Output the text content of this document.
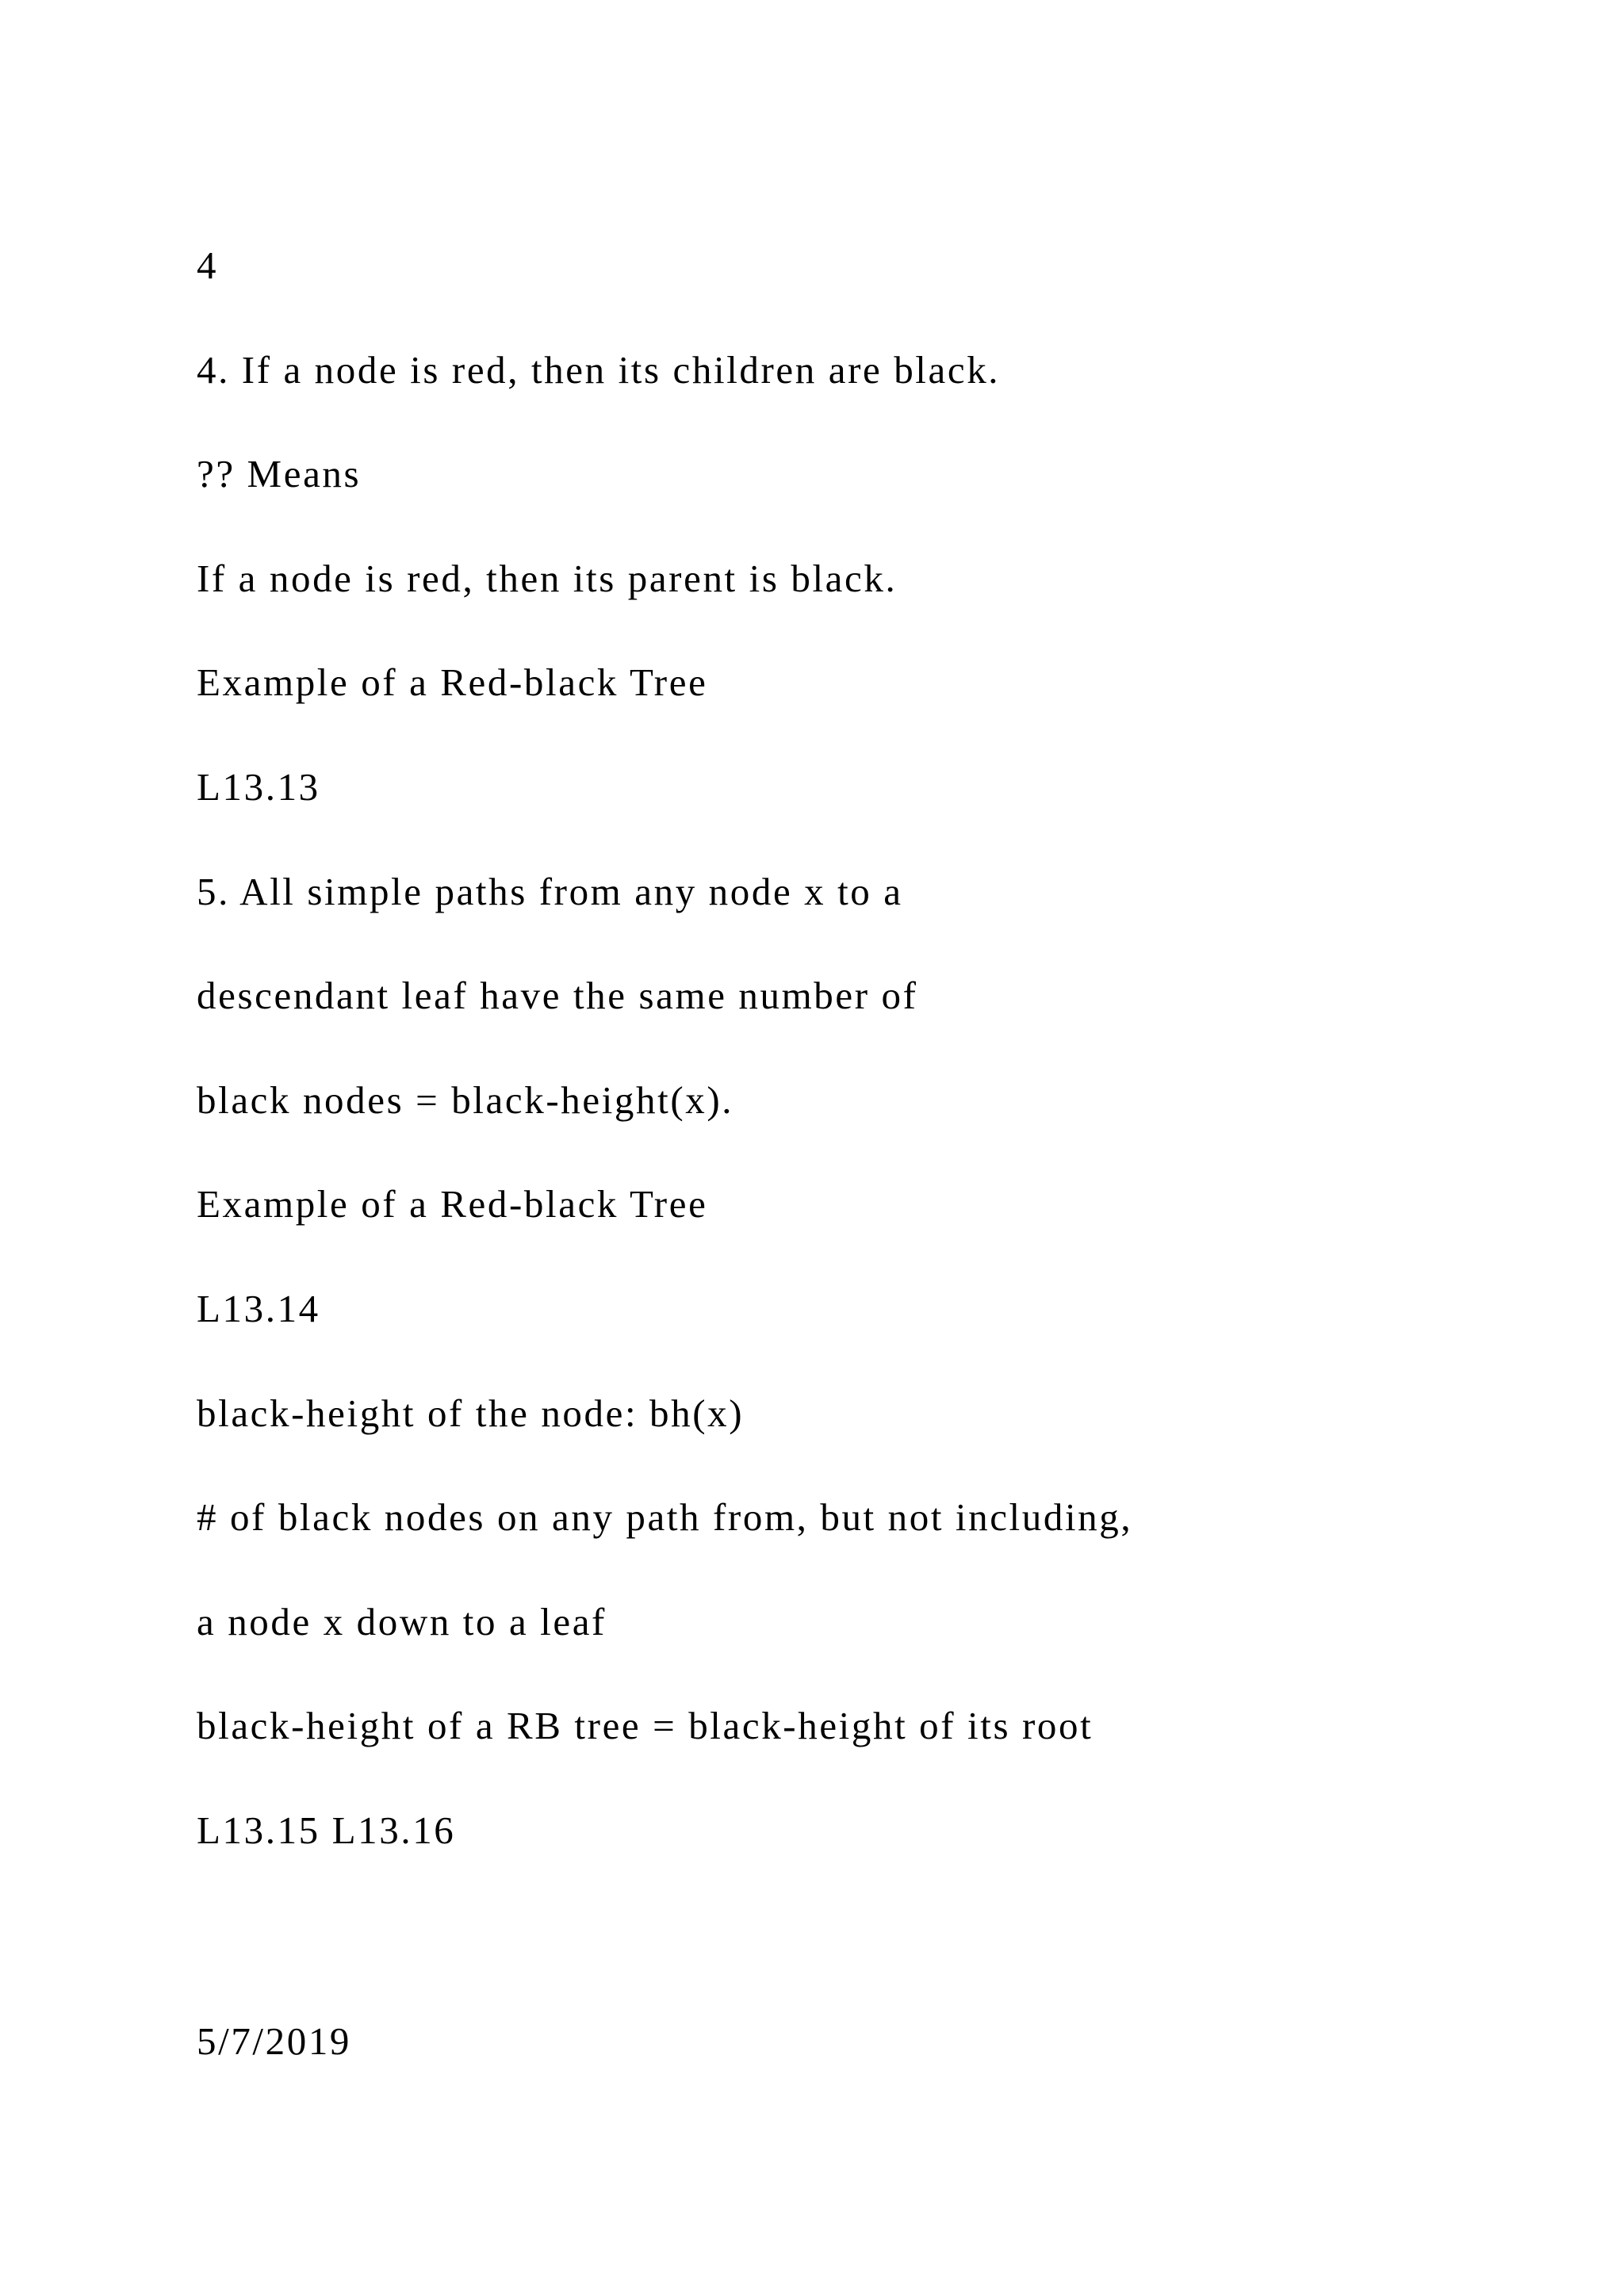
4
4. If a node is red, then its children are black.
?? Means
If a node is red, then its parent is black.
Example of a Red-black Tree
L13.13
5. All simple paths from any node x to a
descendant leaf have the same number of
black nodes = black-height(x).
Example of a Red-black Tree
L13.14
black-height of the node: bh(x)
# of black nodes on any path from, but not including,
a node x down to a leaf
black-height of a RB tree = black-height of its root
L13.15 L13.16
5/7/2019
